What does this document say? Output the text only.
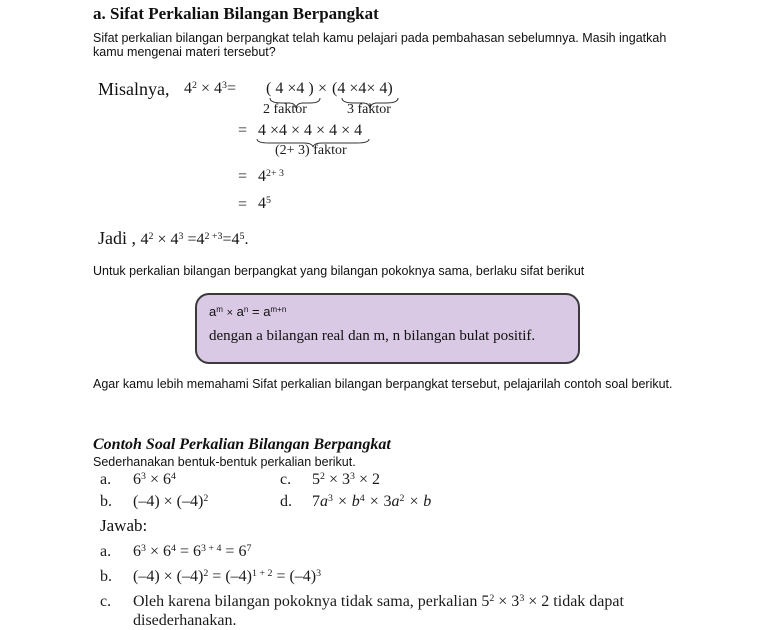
a. Sifat Perkalian Bilangan Berpangkat
Sifat perkalian bilangan berpangkat telah kamu pelajari pada pembahasan sebelumnya. Masih ingatkah kamu mengenai materi tersebut?
Misalnya, $4^2 \times 4^3=$ ( 4 ×4 ) × (4 ×4× 4)
2 faktor	3 faktor
= 4 ×4 × 4 × 4 × 4
(2+ 3) faktor
= $4^{2+ 3}$
= $4^5$
Jadi , $4^2 \times 4^3 =4^{2 +3}=4^5$.
Untuk perkalian bilangan berpangkat yang bilangan pokoknya sama, berlaku sifat berikut
$a^m \times a^n = a^{m+n}$
dengan a bilangan real dan m, n bilangan bulat positif.
Agar kamu lebih memahami Sifat perkalian bilangan berpangkat tersebut, pelajarilah contoh soal berikut.
Contoh Soal Perkalian Bilangan Berpangkat
Sederhanakan bentuk-bentuk perkalian berikut.
a. $6^3 \times 6^4$	c. $5^2 \times 3^3 \times 2$
b. $(-4) \times (-4)^2$	d. $7a^3 \times b^4 \times 3a^2 \times b$
Jawab:
a. $6^3 \times 6^4 = 6^{3 + 4} = 6^7$
b. $(-4) \times (-4)^2 = (-4)^{1 + 2} = (-4)^3$
c. Oleh karena bilangan pokoknya tidak sama, perkalian $5^2 \times 3^3 \times 2$ tidak dapat
disederhanakan.
